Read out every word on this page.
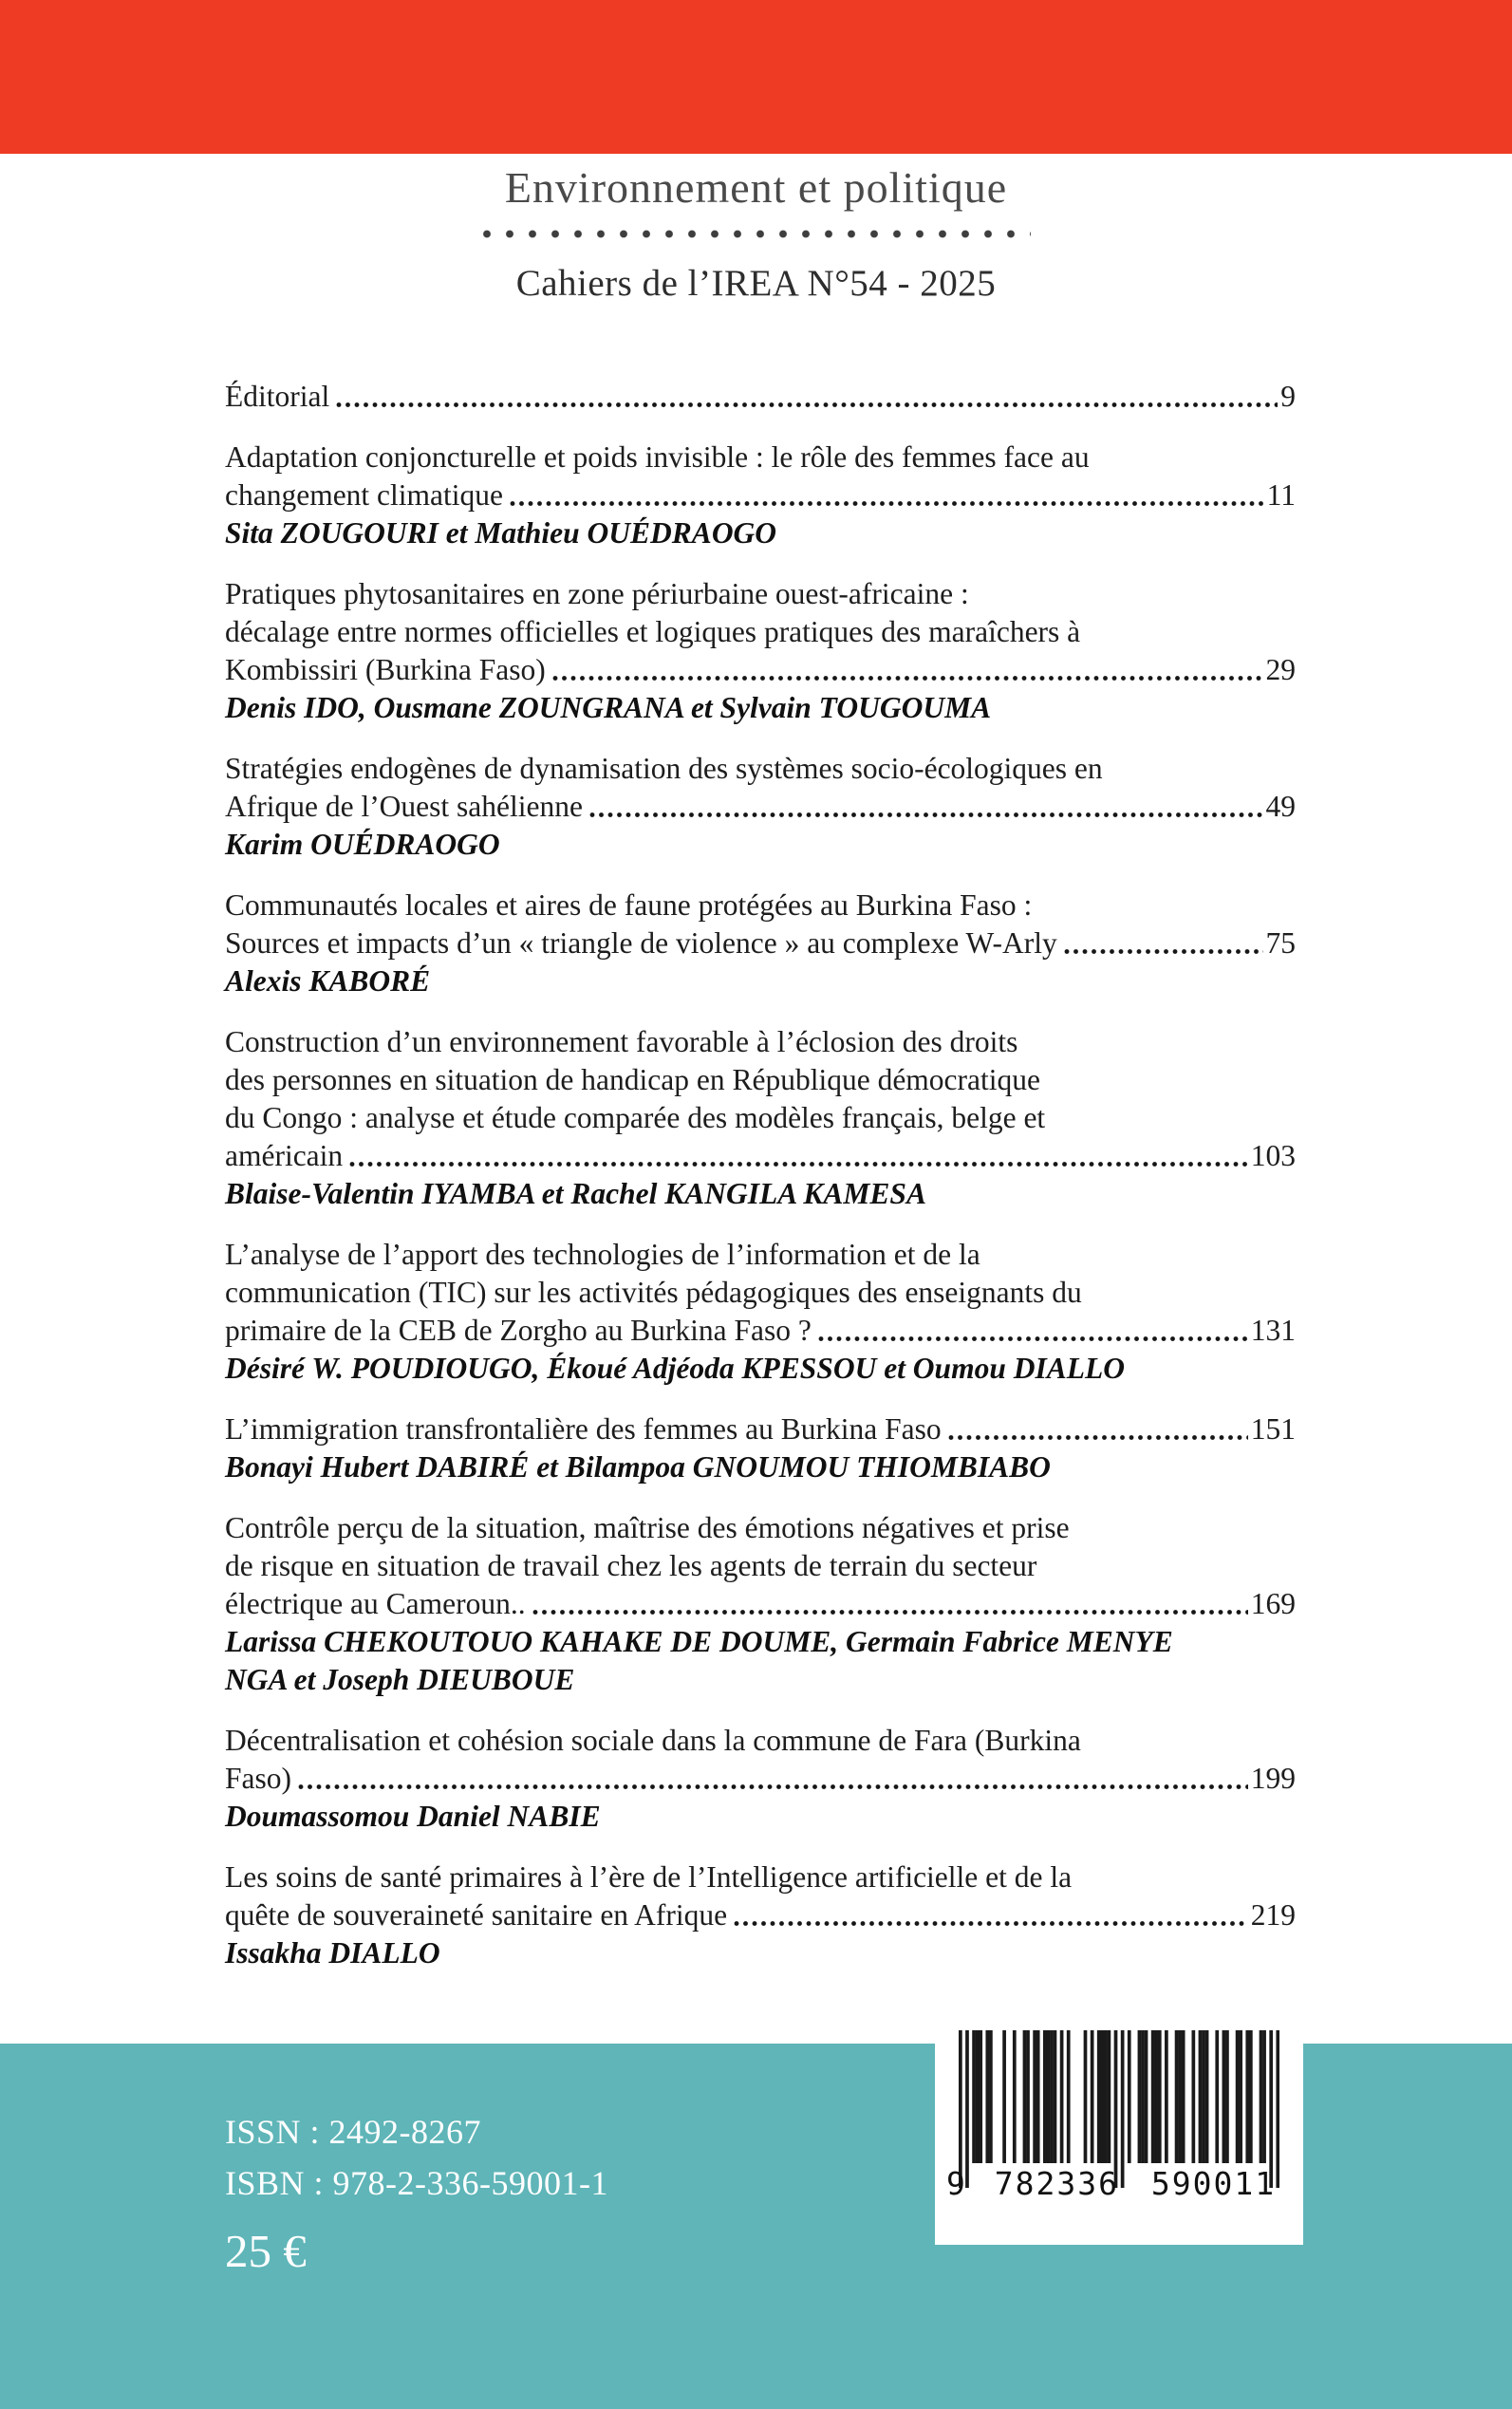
Environnement et politique
Cahiers de l’IREA N°54 - 2025
Éditorial	9
Adaptation conjoncturelle et poids invisible : le rôle des femmes face au
changement climatique	11
Sita ZOUGOURI et Mathieu OUÉDRAOGO
Pratiques phytosanitaires en zone périurbaine ouest-africaine :
décalage entre normes officielles et logiques pratiques des maraîchers à
Kombissiri (Burkina Faso)	29
Denis IDO, Ousmane ZOUNGRANA et Sylvain TOUGOUMA
Stratégies endogènes de dynamisation des systèmes socio-écologiques en
Afrique de l’Ouest sahélienne	49
Karim OUÉDRAOGO
Communautés locales et aires de faune protégées au Burkina Faso :
Sources et impacts d’un « triangle de violence » au complexe W-Arly	75
Alexis KABORÉ
Construction d’un environnement favorable à l’éclosion des droits
des personnes en situation de handicap en République démocratique
du Congo : analyse et étude comparée des modèles français, belge et
américain	103
Blaise-Valentin IYAMBA et Rachel KANGILA KAMESA
L’analyse de l’apport des technologies de l’information et de la
communication (TIC) sur les activités pédagogiques des enseignants du
primaire de la CEB de Zorgho au Burkina Faso ?	131
Désiré W. POUDIOUGO, Ékoué Adjéoda KPESSOU et Oumou DIALLO
L’immigration transfrontalière des femmes au Burkina Faso	151
Bonayi Hubert DABIRÉ et Bilampoa GNOUMOU THIOMBIABO
Contrôle perçu de la situation, maîtrise des émotions négatives et prise
de risque en situation de travail chez les agents de terrain du secteur
électrique au Cameroun..	169
Larissa CHEKOUTOUO KAHAKE DE DOUME, Germain Fabrice MENYE
NGA et Joseph DIEUBOUE
Décentralisation et cohésion sociale dans la commune de Fara (Burkina
Faso)	199
Doumassomou Daniel NABIE
Les soins de santé primaires à l’ère de l’Intelligence artificielle et de la
quête de souveraineté sanitaire en Afrique	219
Issakha DIALLO
ISSN : 2492-8267
ISBN : 978-2-336-59001-1
25 €
9 782336	590011
